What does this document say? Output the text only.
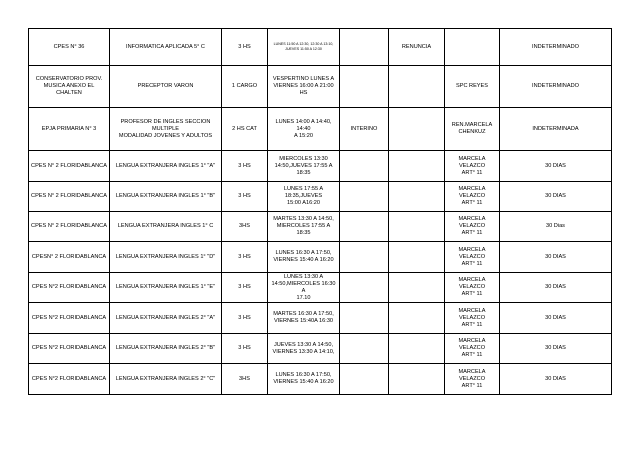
CPES N° 36	INFORMATICA APLICADA 5° C	3 HS	LUNES 11:50 A 12:30, 12:30 A 13:10,
JUEVES 11:50 A 12:30		RENUNCIA		INDETERMINADO

CONSERVATORIO PROV.
MUSICA ANEXO EL CHALTEN	PRECEPTOR VARON	1 CARGO	VESPERTINO LUNES A
VIERNES 16:00 A 21:00 HS			SPC REYES	INDETERMINADO

EPJA PRIMARIA N° 3	PROFESOR DE INGLES SECCION MULTIPLE
MODALIDAD JOVENES Y ADULTOS	2 HS CAT	LUNES 14:00 A 14:40, 14:40
A 15:20	INTERINO		REN.MARCELA
CHENKUZ	INDETERMINADA

CPES N° 2 FLORIDABLANCA	LENGUA EXTRANJERA INGLES 1° "A"	3 HS	MIERCOLES 13:30
14:50,JUEVES 17:55 A 18:35			MARCELA VELAZCO
ART° 11	30 DIAS

CPES N° 2 FLORIDABLANCA	LENGUA EXTRANJERA INGLES 1° "B"	3 HS	LUNES 17:55 A 18:35,JUEVES
15:00 A16:20			MARCELA VELAZCO
ART° 11	30 DIAS

CPES N° 2 FLORIDABLANCA	LENGUA EXTRANJERA INGLES 1° C	3HS	MARTES 13:30 A 14:50,
MIERCOLES 17:55 A 18:35			MARCELA VELAZCO
ART° 11	30 Dias

CPESN° 2 FLORIDABLANCA	LENGUA EXTRANJERA INGLES 1° "D"	3 HS	LUNES 16:30 A 17:50,
VIERNES 15:40 A 16:20			MARCELA VELAZCO
ART° 11	30 DIAS

CPES N°2 FLORIDABLANCA	LENGUA EXTRANJERA INGLES 1° "E"	3 HS	LUNES 13:30 A
14:50,MIERCOLES 16:30 A
17.10			MARCELA VELAZCO
ART° 11	30 DIAS

CPES N°2 FLORIDABLANCA	LENGUA EXTRANJERA INGLES 2° "A"	3 HS	MARTES 16:30 A 17:50,
VIERNES 15:40A 16:30			MARCELA VELAZCO
ART° 11	30 DIAS

CPES N°2 FLORIDABLANCA	LENGUA EXTRANJERA INGLES 2° "B"	3 HS	JUEVES 13:30 A 14:50,
VIERNES 13:30 A 14:10,			MARCELA VELAZCO
ART° 11	30 DIAS

CPES N°2 FLORIDABLANCA	LENGUA EXTRANJERA INGLES 2° "C"	3HS	LUNES 16:30 A 17:50,
VIERNES 15:40 A 16:20			MARCELA VELAZCO
ART° 11	30 DIAS
